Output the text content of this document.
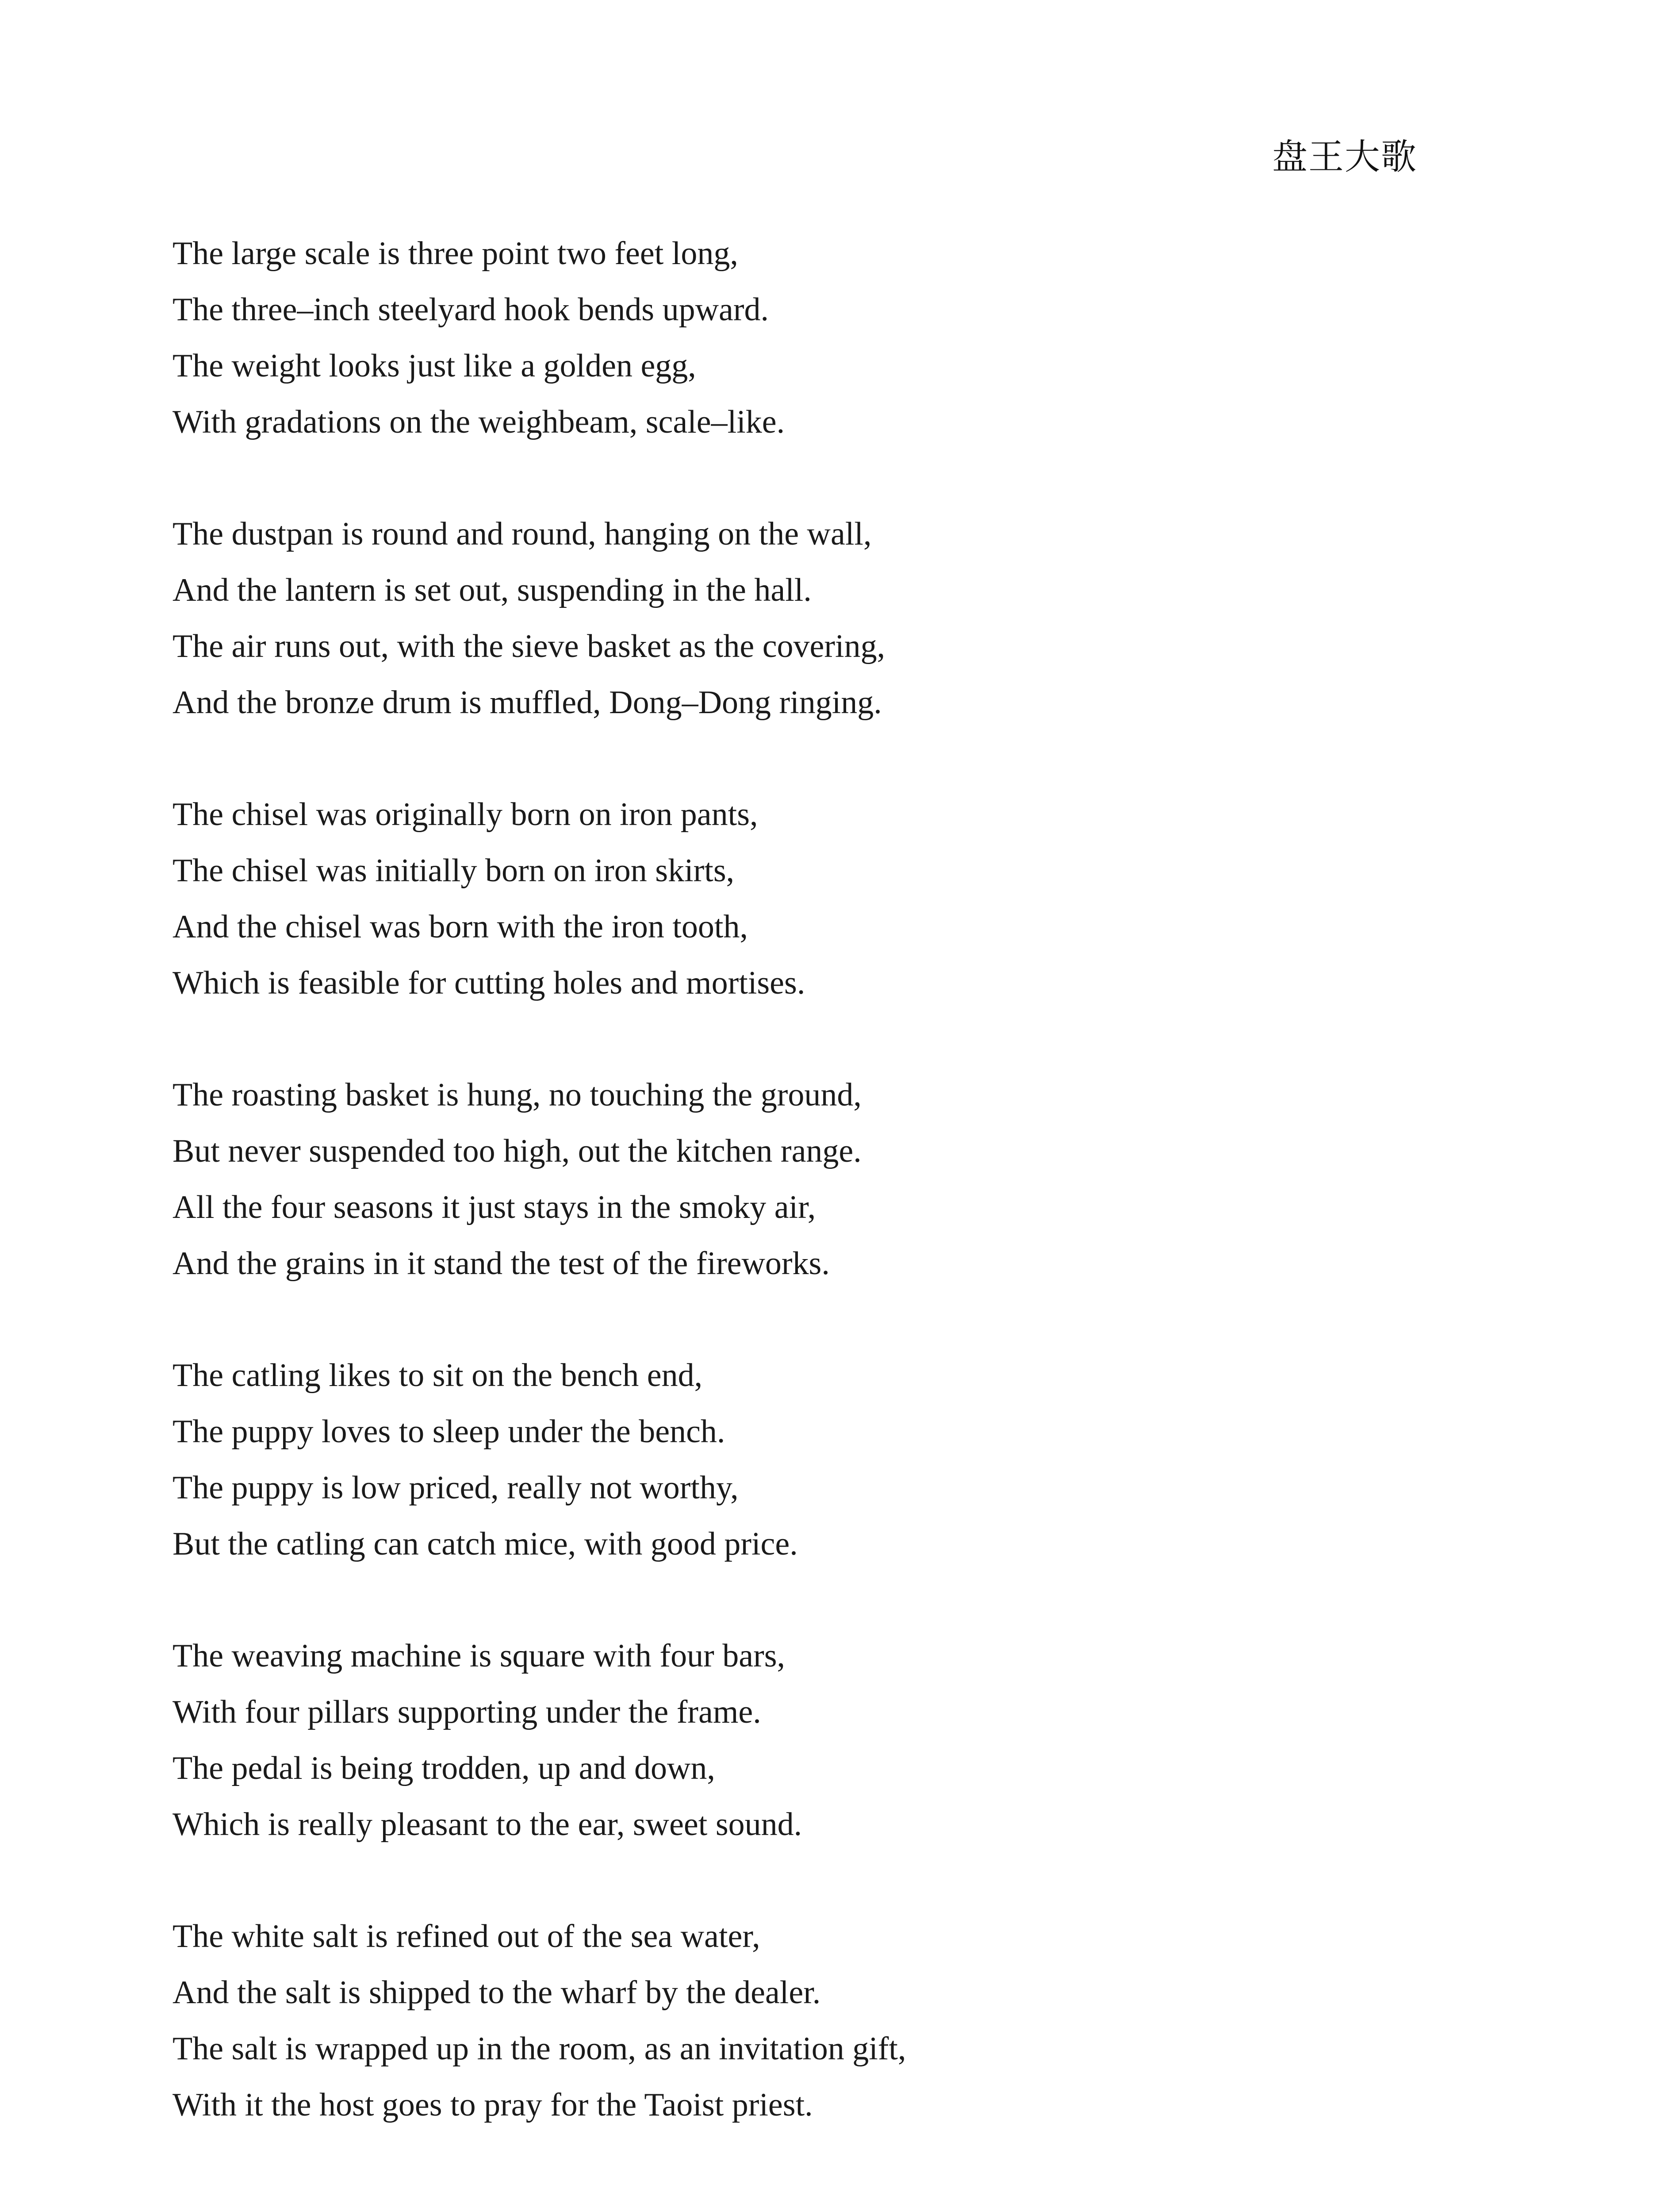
盘王大歌
The large scale is three point two feet long,
The three–inch steelyard hook bends upward.
The weight looks just like a golden egg,
With gradations on the weighbeam, scale–like.
The dustpan is round and round, hanging on the wall,
And the lantern is set out, suspending in the hall.
The air runs out, with the sieve basket as the covering,
And the bronze drum is muffled, Dong–Dong ringing.
The chisel was originally born on iron pants,
The chisel was initially born on iron skirts,
And the chisel was born with the iron tooth,
Which is feasible for cutting holes and mortises.
The roasting basket is hung, no touching the ground,
But never suspended too high, out the kitchen range.
All the four seasons it just stays in the smoky air,
And the grains in it stand the test of the fireworks.
The catling likes to sit on the bench end,
The puppy loves to sleep under the bench.
The puppy is low priced, really not worthy,
But the catling can catch mice, with good price.
The weaving machine is square with four bars,
With four pillars supporting under the frame.
The pedal is being trodden, up and down,
Which is really pleasant to the ear, sweet sound.
The white salt is refined out of the sea water,
And the salt is shipped to the wharf by the dealer.
The salt is wrapped up in the room, as an invitation gift,
With it the host goes to pray for the Taoist priest.
